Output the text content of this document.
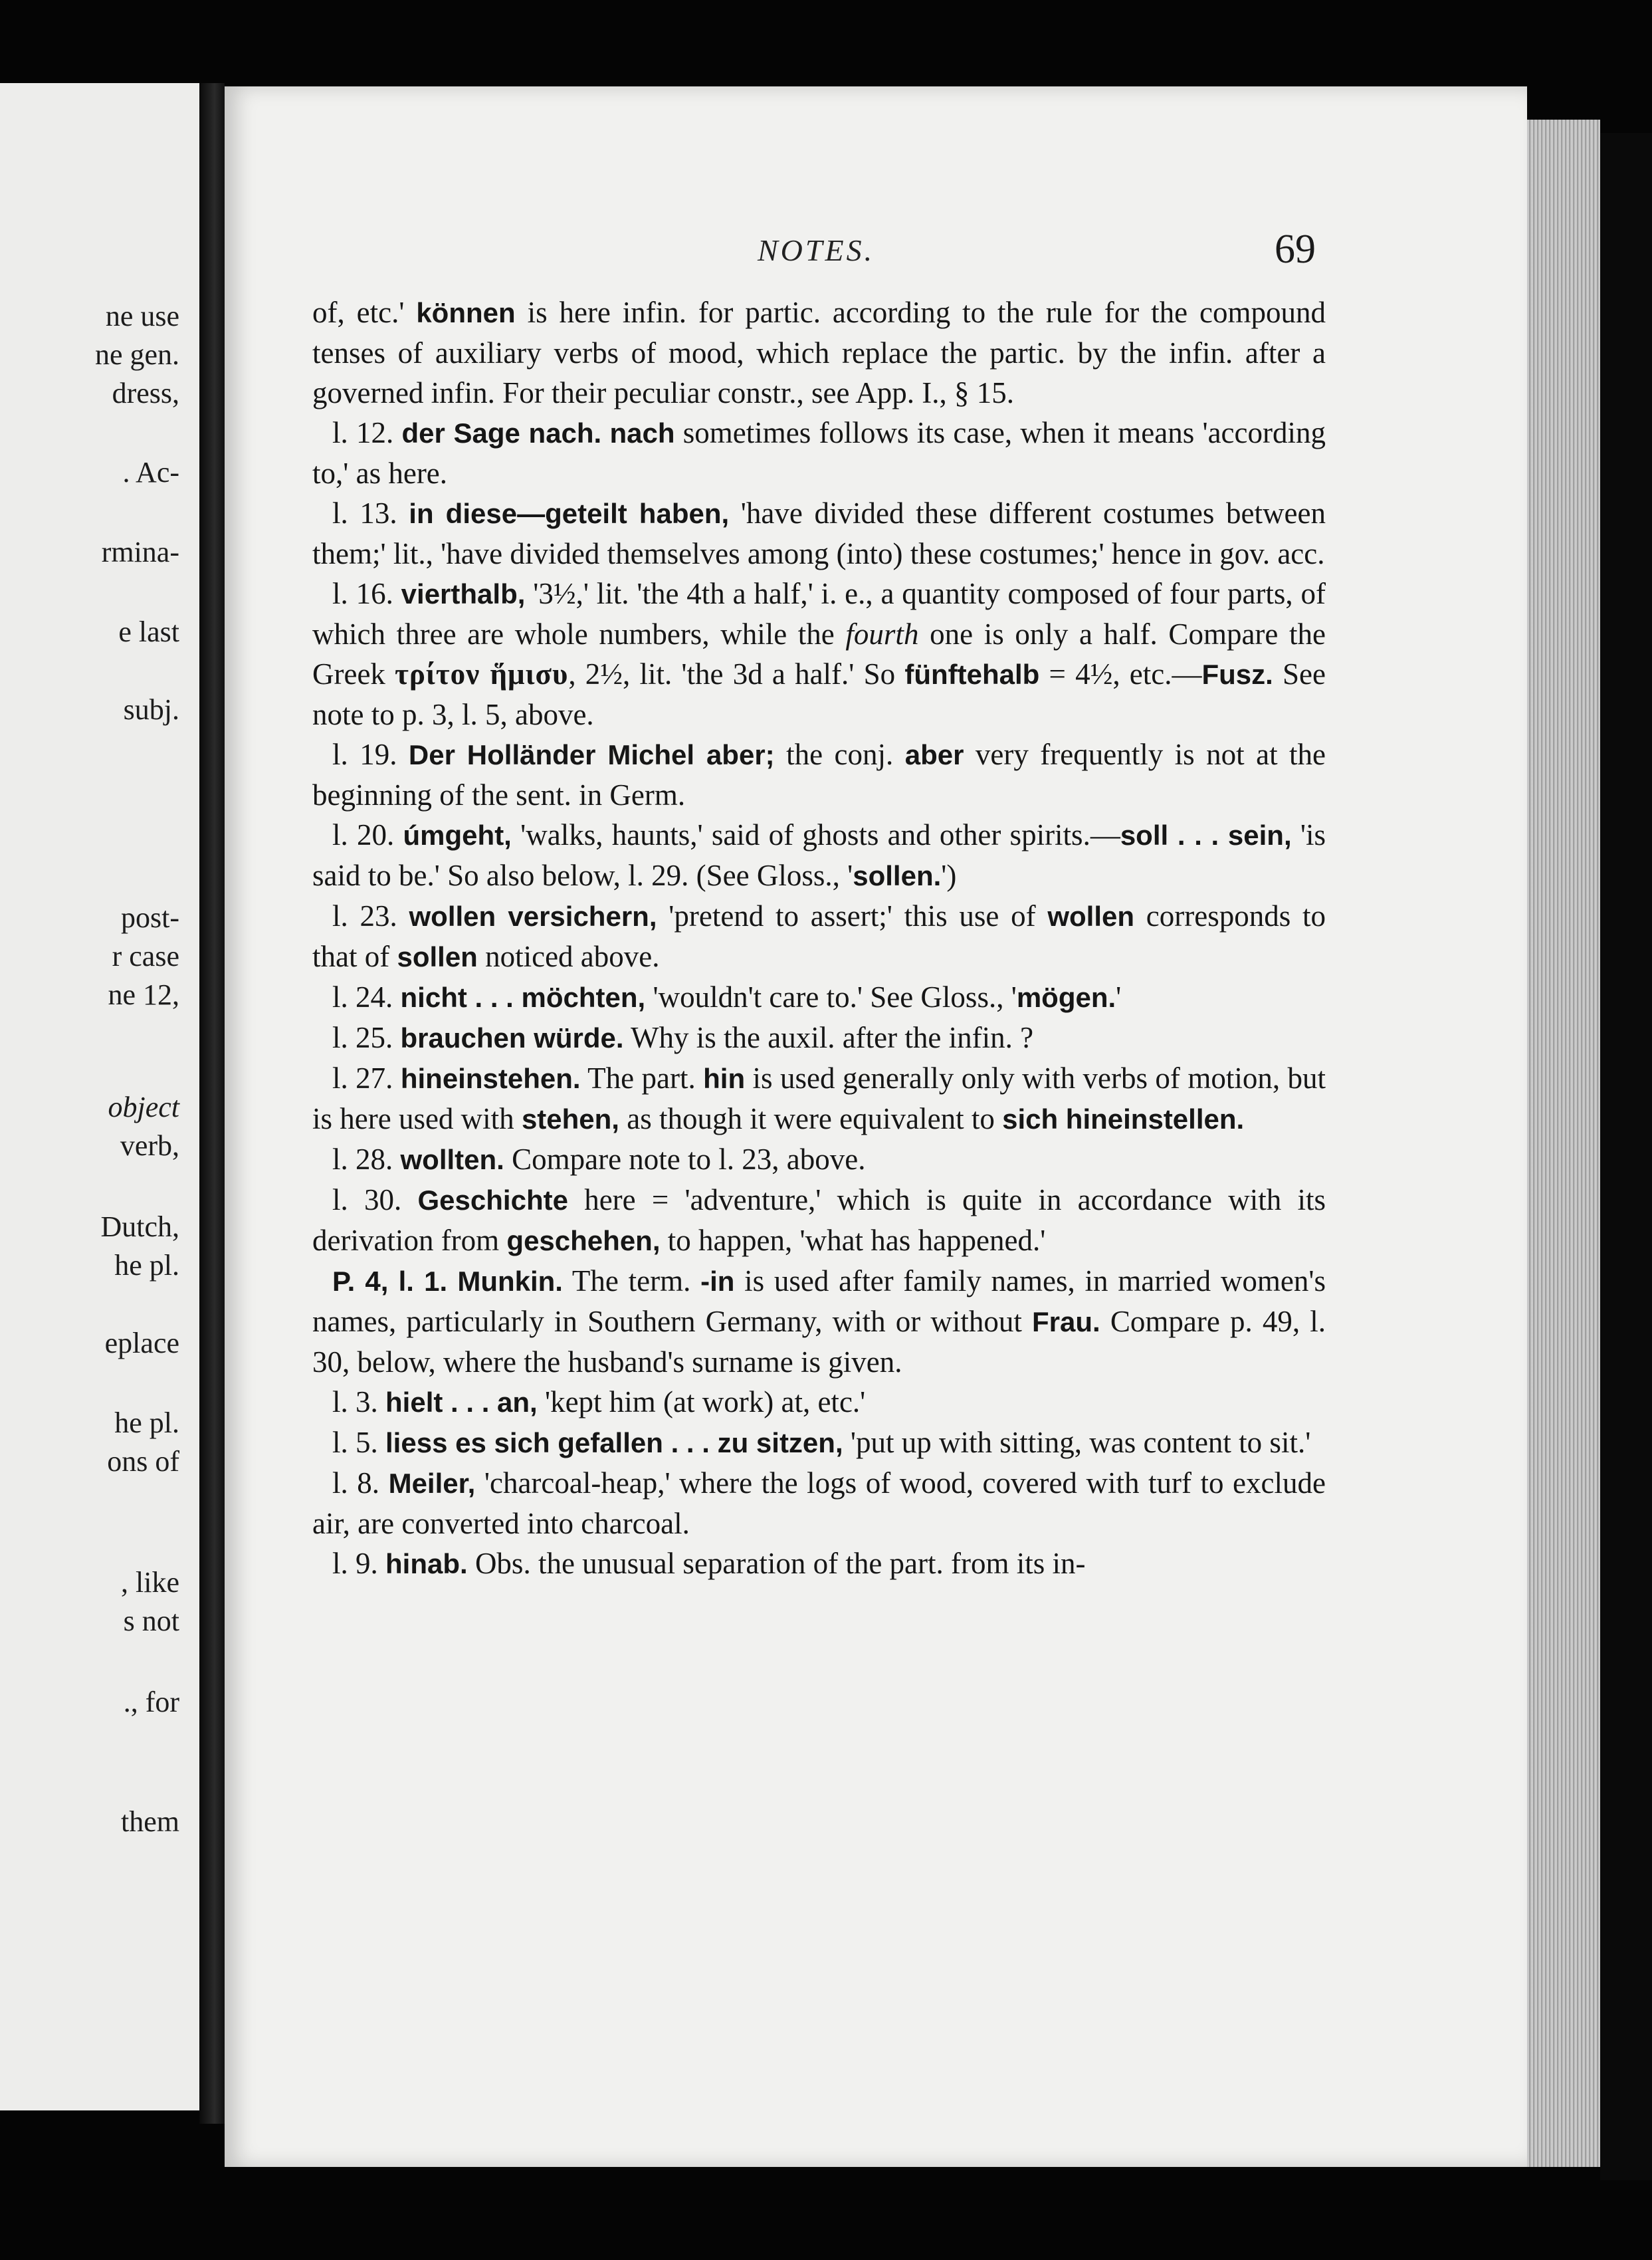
ne use
ne gen.
dress,
. Ac-
rmina-
e last
subj.
post-
r case
ne 12,
object
verb,
Dutch,
he pl.
eplace
he pl.
ons of
, like
s not
., for
them
NOTES.	69

of, etc.' können is here infin. for partic. according to the rule for the compound tenses of auxiliary verbs of mood, which replace the partic. by the infin. after a governed infin. For their peculiar constr., see App. I., § 15.

l. 12. der Sage nach. nach sometimes follows its case, when it means 'according to,' as here.

l. 13. in diese—geteilt haben, 'have divided these different costumes between them;' lit., 'have divided themselves among (into) these costumes;' hence in gov. acc.

l. 16. vierthalb, '3½,' lit. 'the 4th a half,' i. e., a quantity composed of four parts, of which three are whole numbers, while the fourth one is only a half. Compare the Greek τρίτον ἥμισυ, 2½, lit. 'the 3d a half.' So fünftehalb = 4½, etc.—Fusz. See note to p. 3, l. 5, above.

l. 19. Der Holländer Michel aber; the conj. aber very frequently is not at the beginning of the sent. in Germ.

l. 20. úmgeht, 'walks, haunts,' said of ghosts and other spirits.—soll . . . sein, 'is said to be.' So also below, l. 29. (See Gloss., 'sollen.')

l. 23. wollen versichern, 'pretend to assert;' this use of wollen corresponds to that of sollen noticed above.

l. 24. nicht . . . möchten, 'wouldn't care to.' See Gloss., 'mögen.'

l. 25. brauchen würde. Why is the auxil. after the infin. ?

l. 27. hineinstehen. The part. hin is used generally only with verbs of motion, but is here used with stehen, as though it were equivalent to sich hineinstellen.

l. 28. wollten. Compare note to l. 23, above.

l. 30. Geschichte here = 'adventure,' which is quite in accordance with its derivation from geschehen, to happen, 'what has happened.'

P. 4, l. 1. Munkin. The term. -in is used after family names, in married women's names, particularly in Southern Germany, with or without Frau. Compare p. 49, l. 30, below, where the husband's surname is given.

l. 3. hielt . . . an, 'kept him (at work) at, etc.'

l. 5. liess es sich gefallen . . . zu sitzen, 'put up with sitting, was content to sit.'

l. 8. Meiler, 'charcoal-heap,' where the logs of wood, covered with turf to exclude air, are converted into charcoal.

l. 9. hinab. Obs. the unusual separation of the part. from its in-
